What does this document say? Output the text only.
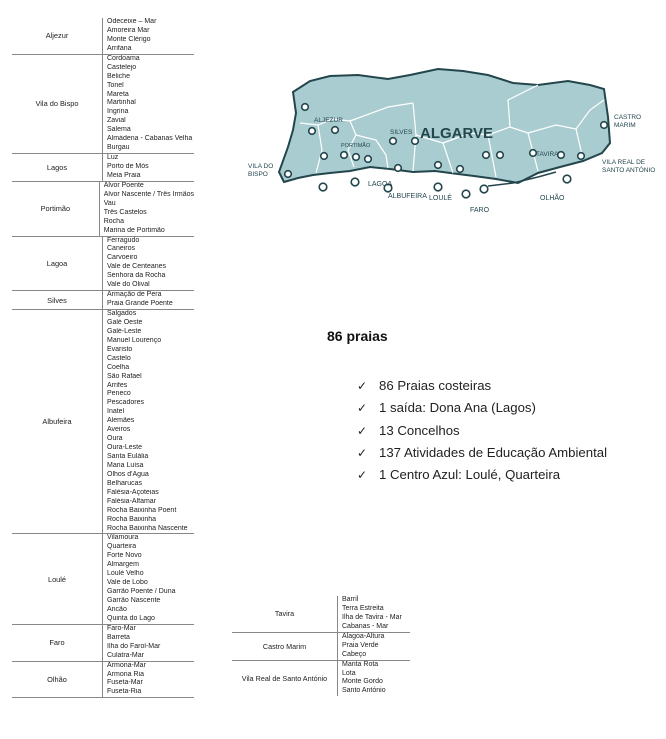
Aljezur
Odeceixe – Mar
Amoreira Mar
Monte Clérigo
Arrifana
Vila do Bispo
Cordoama
Castelejo
Beliche
Tonel
Mareta
Martinhal
Ingrina
Zavial
Salema
Almádena - Cabanas Velha
Burgau
Lagos
Luz
Porto de Mós
Meia Praia
Portimão
Alvor Poente
Alvor Nascente / Três Irmãos
Vau
Três Castelos
Rocha
Marina de Portimão
Lagoa
Ferragudo
Caneiros
Carvoeiro
Vale de Centeanes
Senhora da Rocha
Vale do Olival
Silves
Armação de Pera
Praia Grande Poente
Albufeira
Salgados
Galé Oeste
Galé-Leste
Manuel Lourenço
Evaristo
Castelo
Coelha
São Rafael
Arrifes
Peneco
Pescadores
Inatel
Alemães
Aveiros
Oura
Oura-Leste
Santa Eulália
Maria Luísa
Olhos d'Água
Belharucas
Falésia-Açoteias
Falésia-Alfamar
Rocha Baixinha Poent
Rocha Baixinha
Rocha Baixinha Nascente
Loulé
Vilamoura
Quarteira
Forte Novo
Almargem
Loulé Velho
Vale de Lobo
Garrão Poente / Duna
Garrão Nascente
Ancão
Quinta do Lago
Faro
Faro-Mar
Barreta
Ilha do Farol-Mar
Culatra-Mar
Olhão
Armona-Mar
Armona Ria
Fuseta-Mar
Fuseta-Ria
ALGARVE
ALJEZUR
SILVES
PORTIMÃO
TAVIRA
VILA DO
BISPO
LAGOA
ALBUFEIRA LOULÉ
FARO
OLHÃO
CASTRO
MARIM
VILA REAL DE
SANTO ANTÓNIO
86 praias
✓ 86 Praias costeiras
✓ 1 saída: Dona Ana (Lagos)
✓ 13 Concelhos
✓ 137 Atividades de Educação Ambiental
✓ 1 Centro Azul: Loulé, Quarteira
Tavira
Barril
Terra Estreita
Ilha de Tavira - Mar
Cabanas - Mar
Castro Marim
Alagoa-Altura
Praia Verde
Cabeço
Vila Real de Santo António
Manta Rota
Lota
Monte Gordo
Santo António
